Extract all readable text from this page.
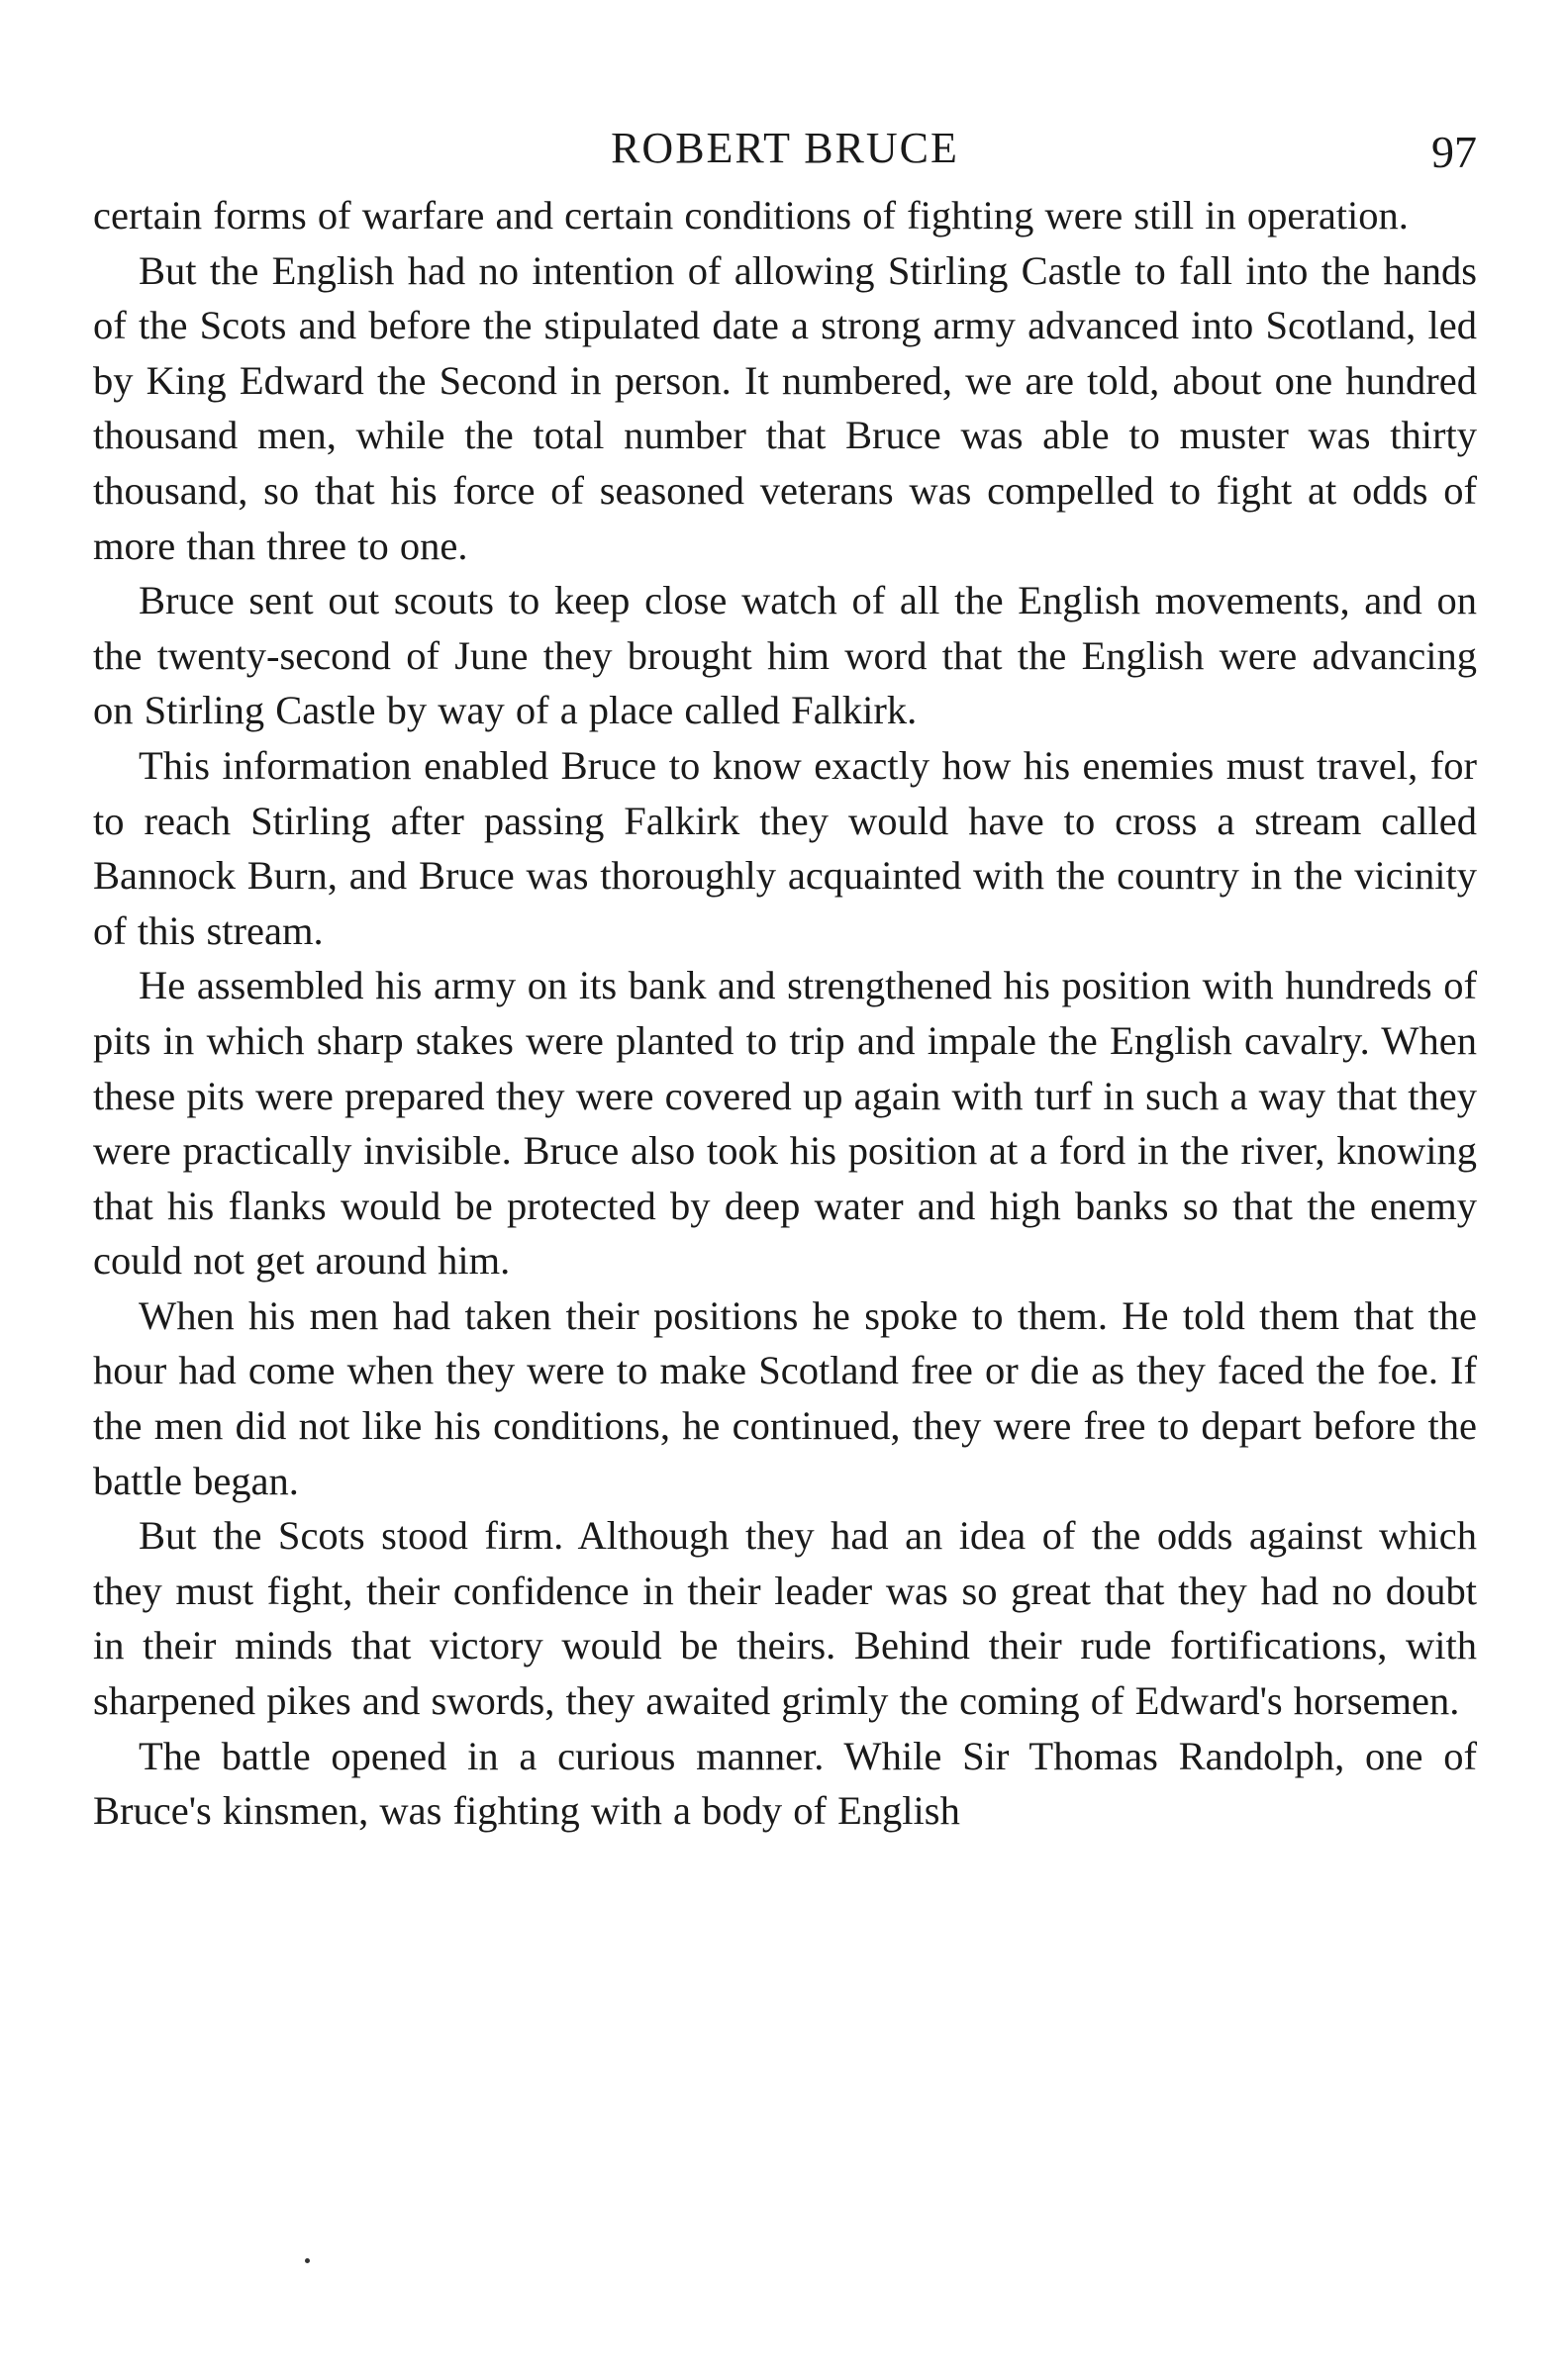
ROBERT BRUCE	97

certain forms of warfare and certain conditions of fighting were still in operation.

But the English had no intention of allowing Stirling Castle to fall into the hands of the Scots and before the stipulated date a strong army advanced into Scotland, led by King Edward the Second in person. It numbered, we are told, about one hundred thousand men, while the total number that Bruce was able to muster was thirty thousand, so that his force of seasoned veterans was compelled to fight at odds of more than three to one.

Bruce sent out scouts to keep close watch of all the English movements, and on the twenty-second of June they brought him word that the English were advancing on Stirling Castle by way of a place called Falkirk.

This information enabled Bruce to know exactly how his enemies must travel, for to reach Stirling after passing Falkirk they would have to cross a stream called Bannock Burn, and Bruce was thoroughly acquainted with the country in the vicinity of this stream.

He assembled his army on its bank and strengthened his position with hundreds of pits in which sharp stakes were planted to trip and impale the English cavalry. When these pits were prepared they were covered up again with turf in such a way that they were practically invisible. Bruce also took his position at a ford in the river, knowing that his flanks would be protected by deep water and high banks so that the enemy could not get around him.

When his men had taken their positions he spoke to them. He told them that the hour had come when they were to make Scotland free or die as they faced the foe. If the men did not like his conditions, he continued, they were free to depart before the battle began.

But the Scots stood firm. Although they had an idea of the odds against which they must fight, their confidence in their leader was so great that they had no doubt in their minds that victory would be theirs. Behind their rude fortifications, with sharpened pikes and swords, they awaited grimly the coming of Edward's horsemen.

The battle opened in a curious manner. While Sir Thomas Randolph, one of Bruce's kinsmen, was fighting with a body of English
